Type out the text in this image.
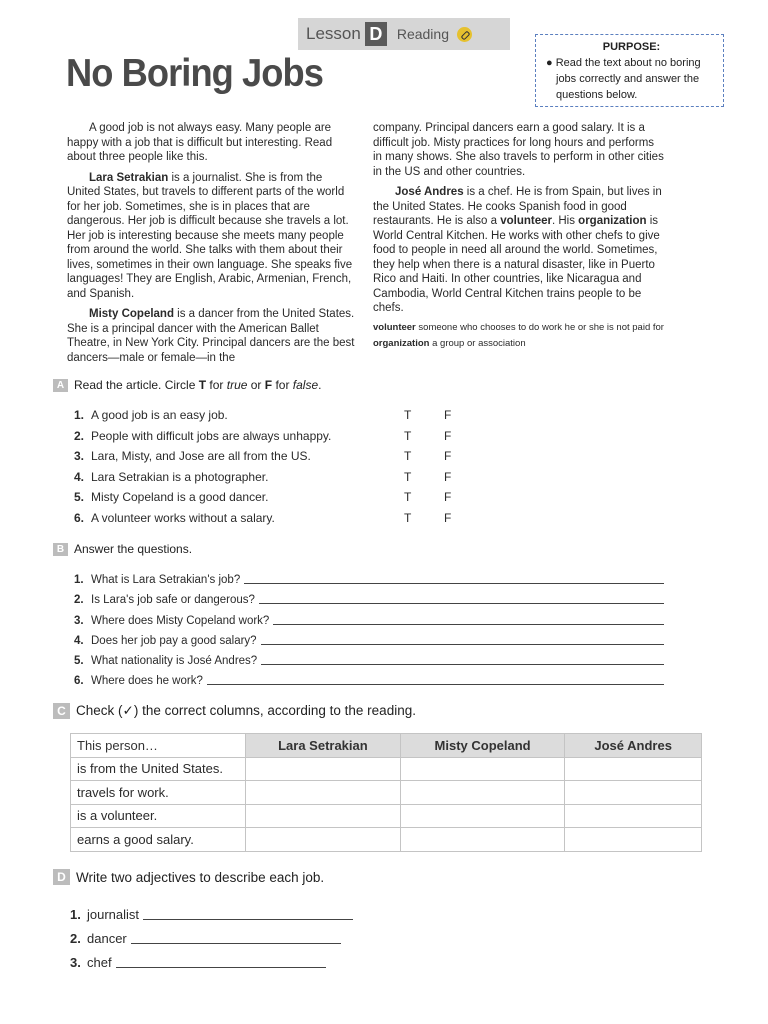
Lesson D	Reading
No Boring Jobs
PURPOSE:
● Read the text about no boring jobs correctly and answer the questions below.

A good job is not always easy. Many people are happy with a job that is difficult but interesting. Read about three people like this.

Lara Setrakian is a journalist. She is from the United States, but travels to different parts of the world for her job. Sometimes, she is in places that are dangerous. Her job is difficult because she travels a lot. Her job is interesting because she meets many people from around the world. She talks with them about their lives, sometimes in their own language. She speaks five languages! They are English, Arabic, Armenian, French, and Spanish.

Misty Copeland is a dancer from the United States. She is a principal dancer with the American Ballet Theatre, in New York City. Principal dancers are the best dancers—male or female—in the

company. Principal dancers earn a good salary. It is a difficult job. Misty practices for long hours and performs in many shows. She also travels to perform in other cities in the US and other countries.

José Andres is a chef. He is from Spain, but lives in the United States. He cooks Spanish food in good restaurants. He is also a volunteer. His organization is World Central Kitchen. He works with other chefs to give food to people in need all around the world. Sometimes, they help when there is a natural disaster, like in Puerto Rico and Haiti. In other countries, like Nicaragua and Cambodia, World Central Kitchen trains people to be chefs.

volunteer someone who chooses to do work he or she is not paid for

organization a group or association

A Read the article. Circle T for true or F for false.
1. A good job is an easy job.	T	F
2. People with difficult jobs are always unhappy.	T	F
3. Lara, Misty, and Jose are all from the US.	T	F
4. Lara Setrakian is a photographer.	T	F
5. Misty Copeland is a good dancer.	T	F
6. A volunteer works without a salary.	T	F
B Answer the questions.
1. What is Lara Setrakian's job?
2. Is Lara's job safe or dangerous?
3. Where does Misty Copeland work?
4. Does her job pay a good salary?
5. What nationality is José Andres?
6. Where does he work?
C Check (✓) the correct columns, according to the reading.
This person…	Lara Setrakian	Misty Copeland	José Andres
is from the United States.			
travels for work.			
is a volunteer.			
earns a good salary.			
D Write two adjectives to describe each job.
1. journalist
2. dancer
3. chef
